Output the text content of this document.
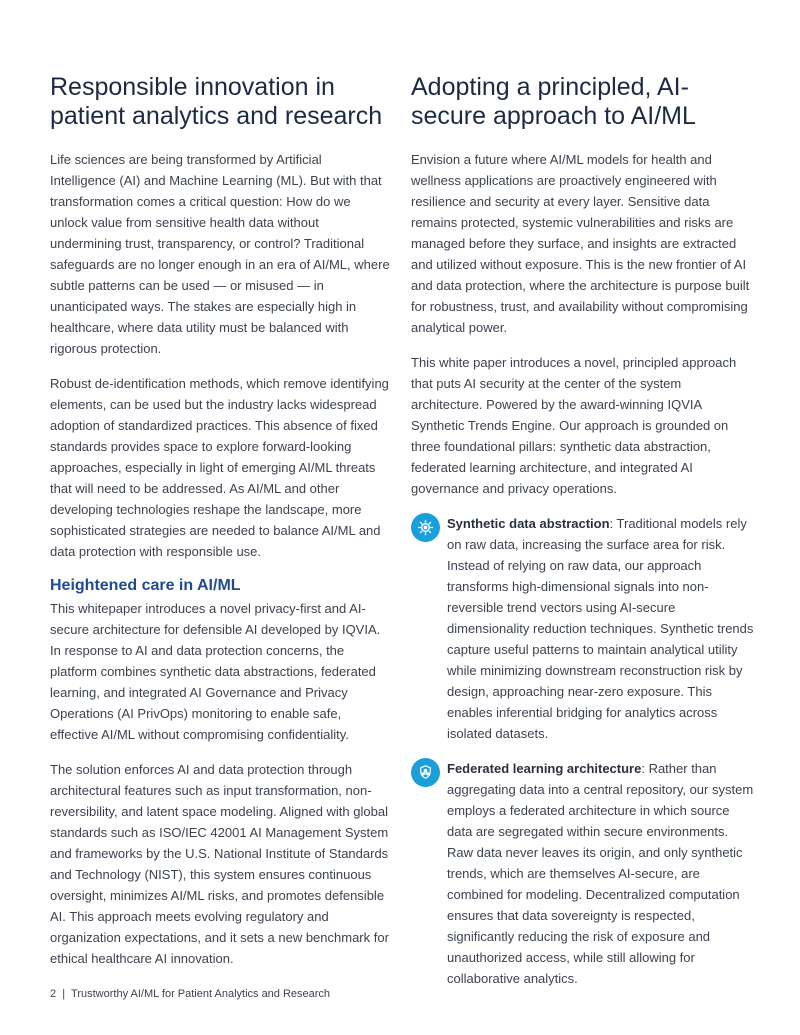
Responsible innovation in patient analytics and research

Life sciences are being transformed by Artificial Intelligence (AI) and Machine Learning (ML). But with that transformation comes a critical question: How do we unlock value from sensitive health data without undermining trust, transparency, or control? Traditional safeguards are no longer enough in an era of AI/ML, where subtle patterns can be used — or misused — in unanticipated ways. The stakes are especially high in healthcare, where data utility must be balanced with rigorous protection.

Robust de-identification methods, which remove identifying elements, can be used but the industry lacks widespread adoption of standardized practices. This absence of fixed standards provides space to explore forward-looking approaches, especially in light of emerging AI/ML threats that will need to be addressed. As AI/ML and other developing technologies reshape the landscape, more sophisticated strategies are needed to balance AI/ML and data protection with responsible use.

Heightened care in AI/ML

This whitepaper introduces a novel privacy-first and AI-secure architecture for defensible AI developed by IQVIA. In response to AI and data protection concerns, the platform combines synthetic data abstractions, federated learning, and integrated AI Governance and Privacy Operations (AI PrivOps) monitoring to enable safe, effective AI/ML without compromising confidentiality.

The solution enforces AI and data protection through architectural features such as input transformation, non-reversibility, and latent space modeling. Aligned with global standards such as ISO/IEC 42001 AI Management System and frameworks by the U.S. National Institute of Standards and Technology (NIST), this system ensures continuous oversight, minimizes AI/ML risks, and promotes defensible AI. This approach meets evolving regulatory and organization expectations, and it sets a new benchmark for ethical healthcare AI innovation.

Adopting a principled, AI-secure approach to AI/ML

Envision a future where AI/ML models for health and wellness applications are proactively engineered with resilience and security at every layer. Sensitive data remains protected, systemic vulnerabilities and risks are managed before they surface, and insights are extracted and utilized without exposure. This is the new frontier of AI and data protection, where the architecture is purpose built for robustness, trust, and availability without compromising analytical power.

This white paper introduces a novel, principled approach that puts AI security at the center of the system architecture. Powered by the award-winning IQVIA Synthetic Trends Engine. Our approach is grounded on three foundational pillars: synthetic data abstraction, federated learning architecture, and integrated AI governance and privacy operations.

Synthetic data abstraction: Traditional models rely on raw data, increasing the surface area for risk. Instead of relying on raw data, our approach transforms high-dimensional signals into non-reversible trend vectors using AI-secure dimensionality reduction techniques. Synthetic trends capture useful patterns to maintain analytical utility while minimizing downstream reconstruction risk by design, approaching near-zero exposure. This enables inferential bridging for analytics across isolated datasets.

Federated learning architecture: Rather than aggregating data into a central repository, our system employs a federated architecture in which source data are segregated within secure environments. Raw data never leaves its origin, and only synthetic trends, which are themselves AI-secure, are combined for modeling. Decentralized computation ensures that data sovereignty is respected, significantly reducing the risk of exposure and unauthorized access, while still allowing for collaborative analytics.

2 | Trustworthy AI/ML for Patient Analytics and Research
